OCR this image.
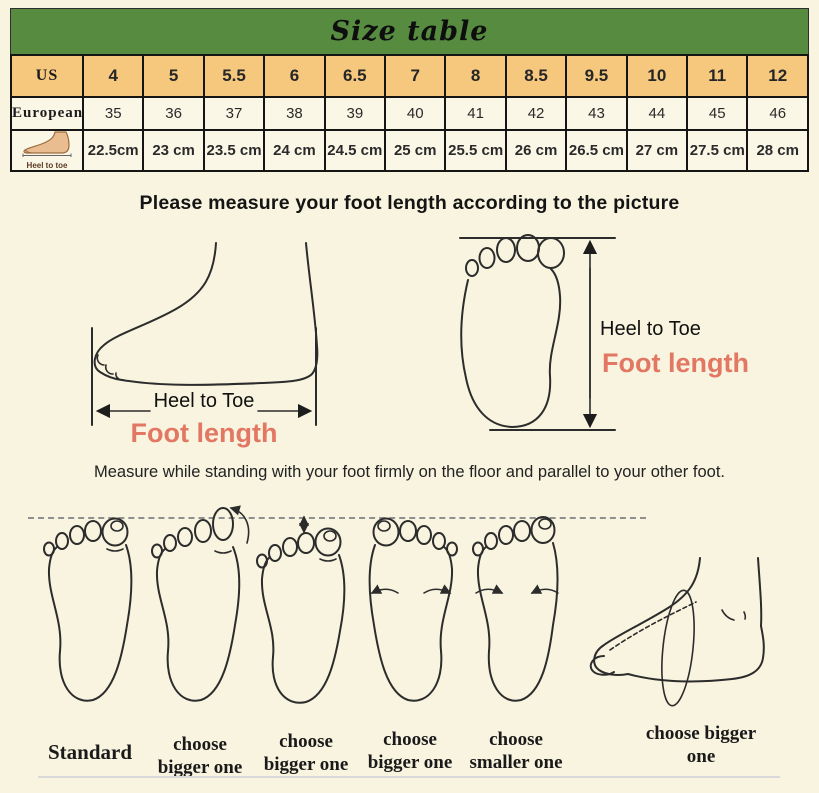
Size table
US	4	5	5.5	6	6.5	7	8	8.5	9.5	10	11	12
European	35	36	37	38	39	40	41	42	43	44	45	46

Heel to toe	22.5cm	23 cm	23.5 cm	24 cm	24.5 cm	25 cm	25.5 cm	26 cm	26.5 cm	27 cm	27.5 cm	28 cm
Please measure your foot length according to the picture
Heel to Toe
Foot length
Heel to Toe
Foot length
Measure while standing with your foot firmly on the floor and parallel to your other foot.
Standard	choose bigger one
choose bigger one
choose bigger one
choose smaller one
choose bigger one
